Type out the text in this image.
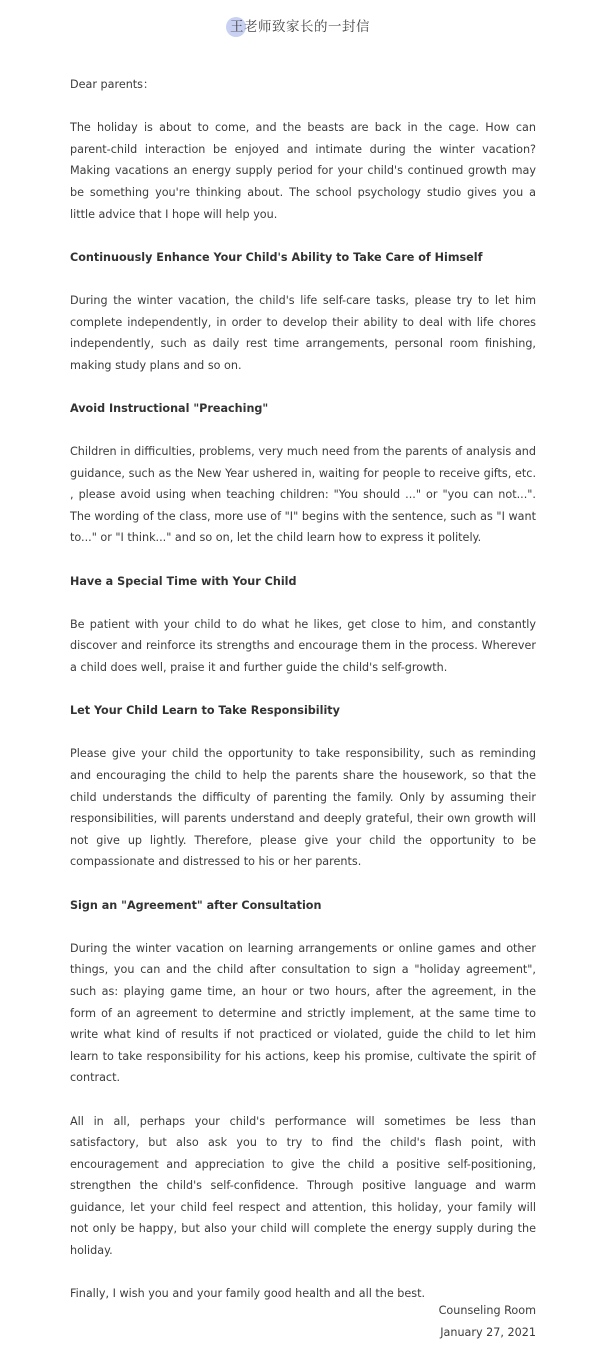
王老师致家长的一封信
Dear parents：
The holiday is about to come, and the beasts are back in the cage. How can parent-child interaction be enjoyed and intimate during the winter vacation? Making vacations an energy supply period for your child's continued growth may be something you're thinking about. The school psychology studio gives you a little advice that I hope will help you.
Continuously Enhance Your Child's Ability to Take Care of Himself
During the winter vacation, the child's life self-care tasks, please try to let him complete independently, in order to develop their ability to deal with life chores independently, such as daily rest time arrangements, personal room finishing, making study plans and so on.
Avoid Instructional "Preaching"
Children in difficulties, problems, very much need from the parents of analysis and guidance, such as the New Year ushered in, waiting for people to receive gifts, etc. , please avoid using when teaching children: "You should ..." or "you can not...". The wording of the class, more use of "I" begins with the sentence, such as "I want to..." or "I think..." and so on, let the child learn how to express it politely.
Have a Special Time with Your Child
Be patient with your child to do what he likes, get close to him, and constantly discover and reinforce its strengths and encourage them in the process. Wherever a child does well, praise it and further guide the child's self-growth.
Let Your Child Learn to Take Responsibility
Please give your child the opportunity to take responsibility, such as reminding and encouraging the child to help the parents share the housework, so that the child understands the difficulty of parenting the family. Only by assuming their responsibilities, will parents understand and deeply grateful, their own growth will not give up lightly. Therefore, please give your child the opportunity to be compassionate and distressed to his or her parents.
Sign an "Agreement" after Consultation
During the winter vacation on learning arrangements or online games and other things, you can and the child after consultation to sign a "holiday agreement", such as: playing game time, an hour or two hours, after the agreement, in the form of an agreement to determine and strictly implement, at the same time to write what kind of results if not practiced or violated, guide the child to let him learn to take responsibility for his actions, keep his promise, cultivate the spirit of contract.
All in all, perhaps your child's performance will sometimes be less than satisfactory, but also ask you to try to find the child's flash point, with encouragement and appreciation to give the child a positive self-positioning, strengthen the child's self-confidence. Through positive language and warm guidance, let your child feel respect and attention, this holiday, your family will not only be happy, but also your child will complete the energy supply during the holiday.
Finally, I wish you and your family good health and all the best.
Counseling Room
January 27, 2021
